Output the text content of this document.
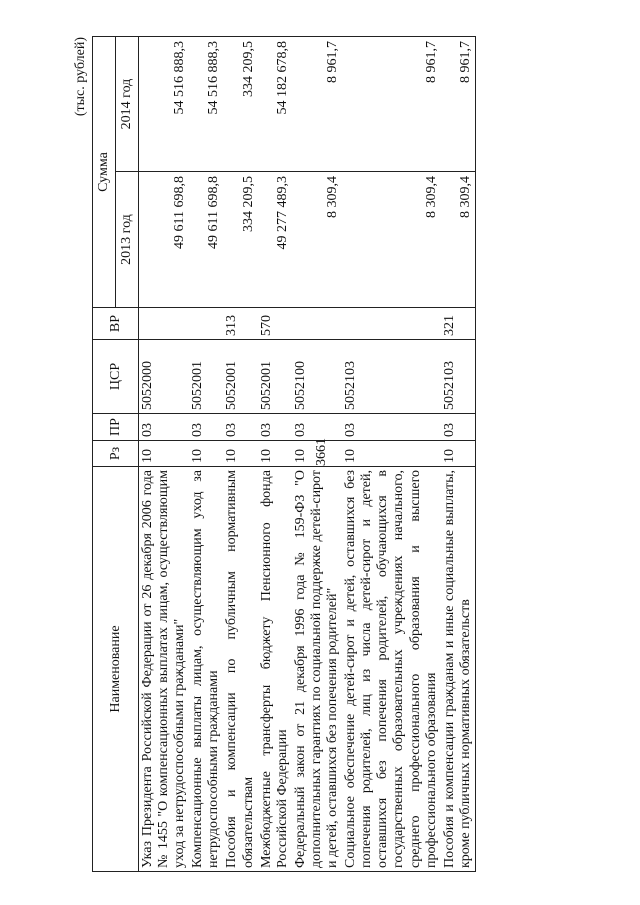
3661
(тыс. рублей)
Наименование	Рз	ПР	ЦСР	ВР	Сумма	
					2013 год	2014 год
Указ Президента Российской Федерации от 26 декабря 2006 года № 1455 "О компенсационных выплатах лицам, осуществляющим уход за нетрудоспособными гражданами"	10	03	5052000		49 611 698,8	54 516 888,3
Компенсационные выплаты лицам, осуществляющим уход за нетрудоспособными гражданами	10	03	5052001		49 611 698,8	54 516 888,3
Пособия и компенсации по публичным нормативным обязательствам	10	03	5052001	313	334 209,5	334 209,5
Межбюджетные трансферты бюджету Пенсионного фонда Российской Федерации	10	03	5052001	570	49 277 489,3	54 182 678,8
Федеральный закон от 21 декабря 1996 года № 159-ФЗ "О дополнительных гарантиях по социальной поддержке детей-сирот и детей, оставшихся без попечения родителей"	10	03	5052100		8 309,4	8 961,7
Социальное обеспечение детей-сирот и детей, оставшихся без попечения родителей, лиц из числа детей-сирот и детей, оставшихся без попечения родителей, обучающихся в государственных образовательных учреждениях начального, среднего профессионального образования и высшего профессионального образования	10	03	5052103		8 309,4	8 961,7
Пособия и компенсации гражданам и иные социальные выплаты, кроме публичных нормативных обязательств	10	03	5052103	321	8 309,4	8 961,7
